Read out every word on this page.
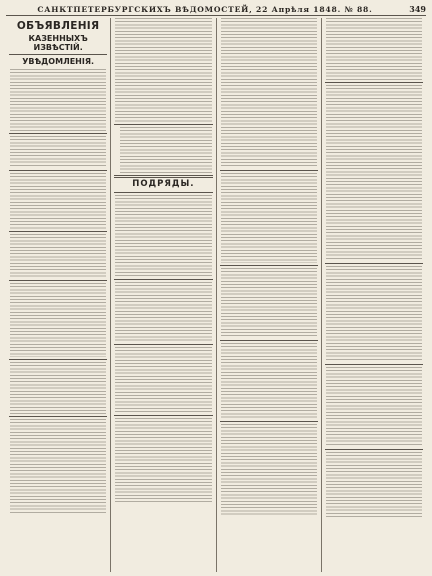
САНКТПЕТЕРБУРГСКИХЪ ВѢДОМОСТЕЙ, 22 Апрѣля 1848. № 88.	349
ОБЪЯВЛЕНІЯ
КАЗЕННЫХЪ ИЗВѢСТІЙ.
УВѢДОМЛЕНІЯ.
ПОДРЯДЫ.
